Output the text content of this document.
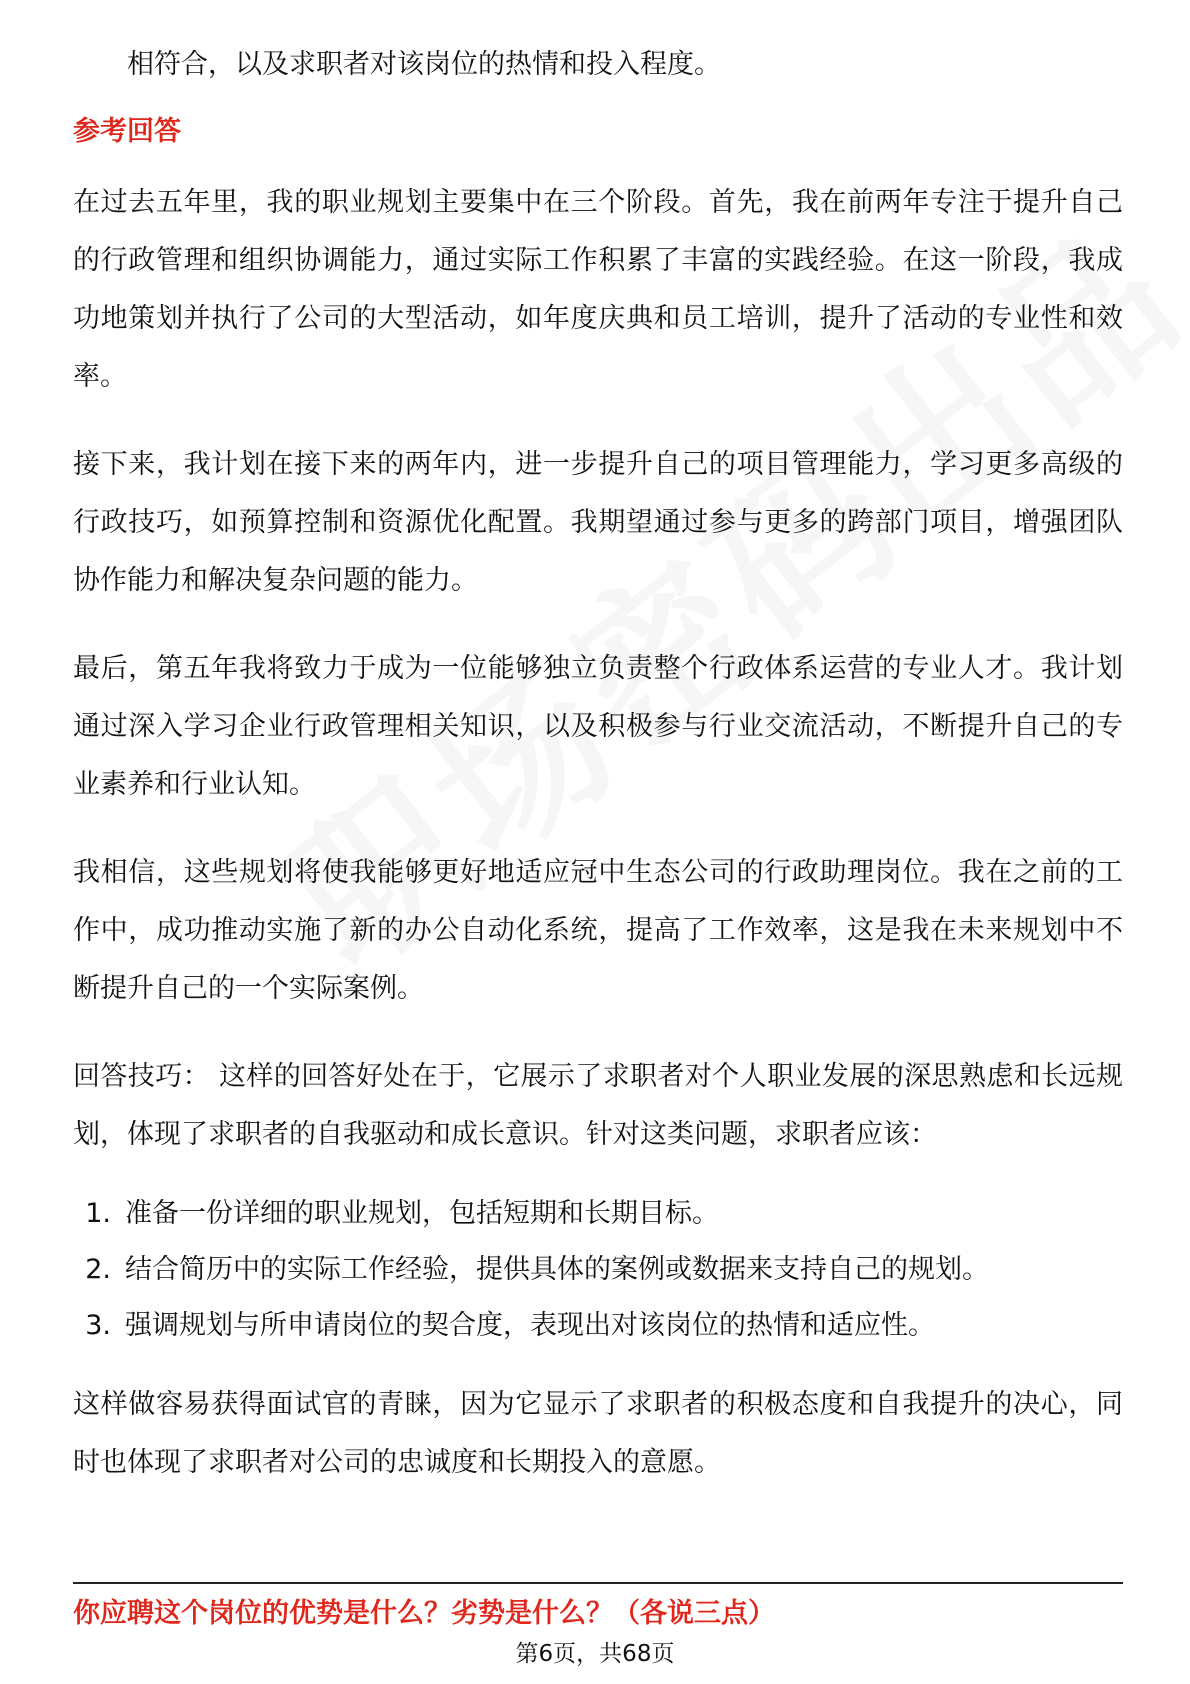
相符合，以及求职者对该岗位的热情和投入程度。

参考回答

在过去五年里，我的职业规划主要集中在三个阶段。首先，我在前两年专注于提升自己的行政管理和组织协调能力，通过实际工作积累了丰富的实践经验。在这一阶段，我成功地策划并执行了公司的大型活动，如年度庆典和员工培训，提升了活动的专业性和效率。

接下来，我计划在接下来的两年内，进一步提升自己的项目管理能力，学习更多高级的行政技巧，如预算控制和资源优化配置。我期望通过参与更多的跨部门项目，增强团队协作能力和解决复杂问题的能力。

最后，第五年我将致力于成为一位能够独立负责整个行政体系运营的专业人才。我计划通过深入学习企业行政管理相关知识，以及积极参与行业交流活动，不断提升自己的专业素养和行业认知。

我相信，这些规划将使我能够更好地适应冠中生态公司的行政助理岗位。我在之前的工作中，成功推动实施了新的办公自动化系统，提高了工作效率，这是我在未来规划中不断提升自己的一个实际案例。

回答技巧： 这样的回答好处在于，它展示了求职者对个人职业发展的深思熟虑和长远规划，体现了求职者的自我驱动和成长意识。针对这类问题，求职者应该：

1. 准备一份详细的职业规划，包括短期和长期目标。
2. 结合简历中的实际工作经验，提供具体的案例或数据来支持自己的规划。
3. 强调规划与所申请岗位的契合度，表现出对该岗位的热情和适应性。

这样做容易获得面试官的青睐，因为它显示了求职者的积极态度和自我提升的决心，同时也体现了求职者对公司的忠诚度和长期投入的意愿。

你应聘这个岗位的优势是什么？劣势是什么？（各说三点）
第6页，共68页
